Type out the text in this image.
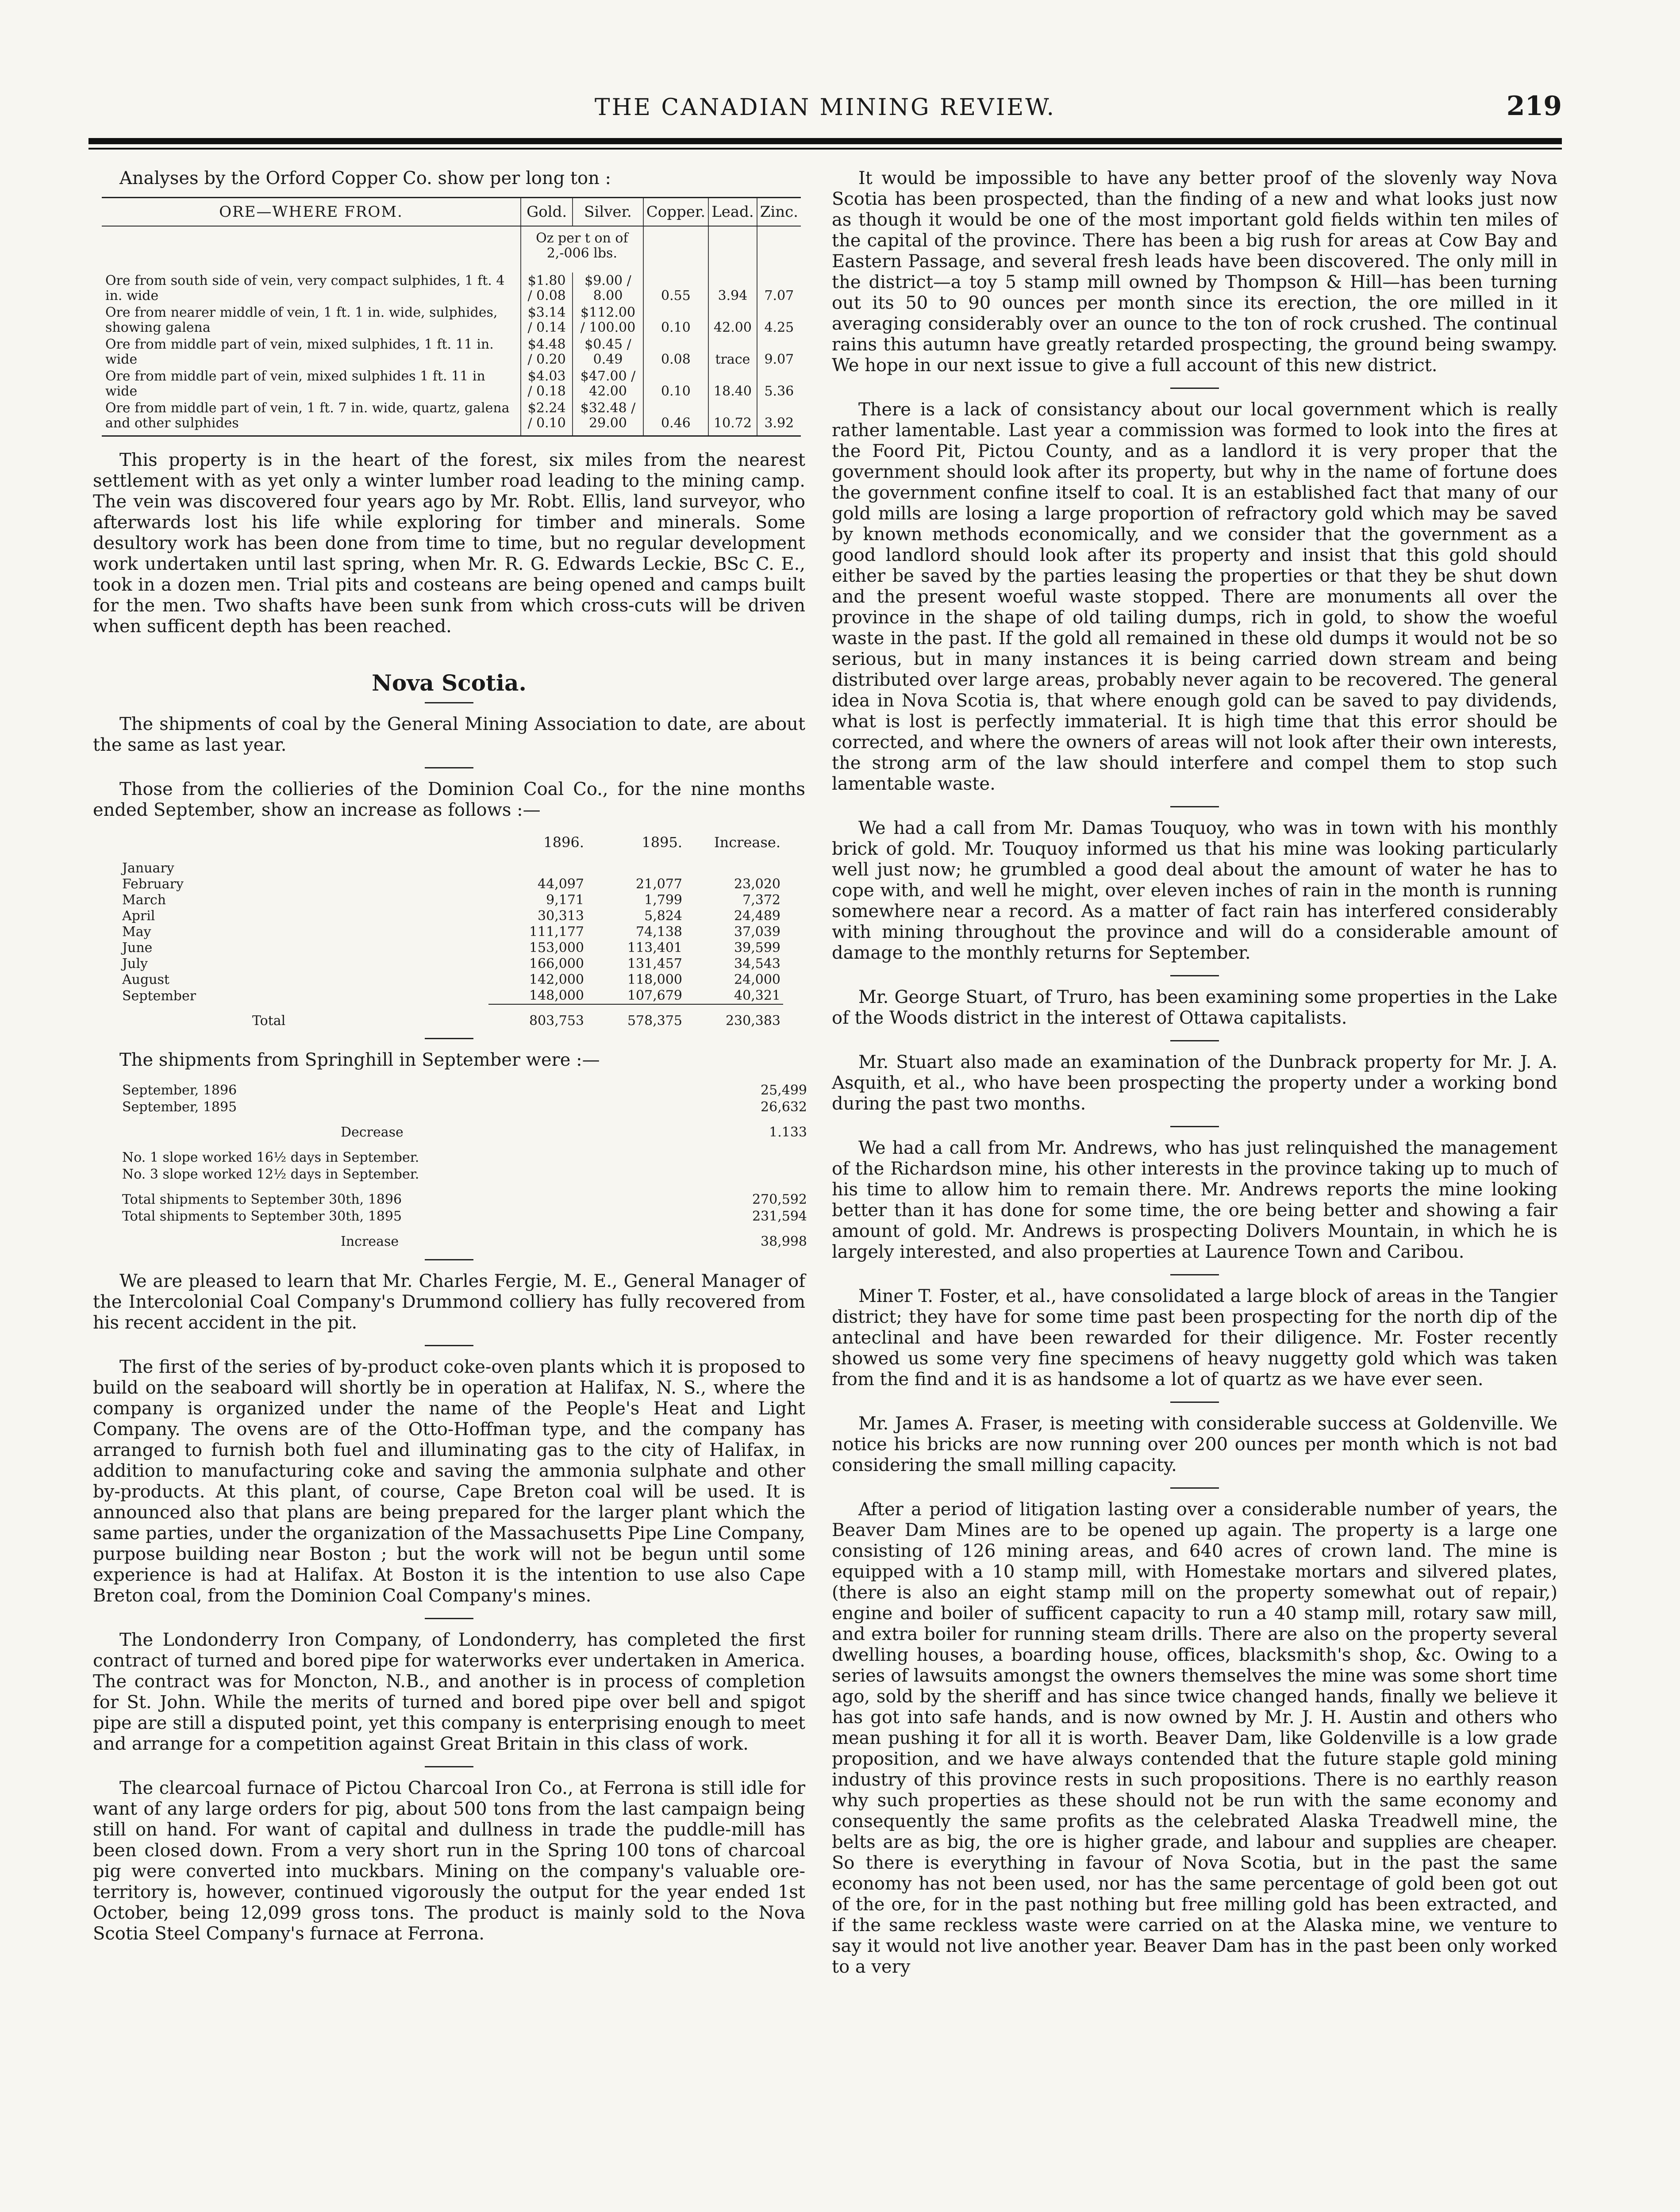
THE CANADIAN MINING REVIEW.	219
Analyses by the Orford Copper Co. show per long ton :
ORE—WHERE FROM.	Gold.	Silver.	Copper.	Lead.	Zinc.
	Oz per t on of 2,-006 lbs.				
Ore from south side of vein, very compact sulphides, 1 ft. 4 in. wide	$1.80 / 0.08	$9.00 / 8.00	0.55	3.94	7.07
Ore from nearer middle of vein, 1 ft. 1 in. wide, sulphides, showing galena	$3.14 / 0.14	$112.00 / 100.00	0.10	42.00	4.25
Ore from middle part of vein, mixed sulphides, 1 ft. 11 in. wide	$4.48 / 0.20	$0.45 / 0.49	0.08	trace	9.07
Ore from middle part of vein, mixed sulphides 1 ft. 11 in wide	$4.03 / 0.18	$47.00 / 42.00	0.10	18.40	5.36
Ore from middle part of vein, 1 ft. 7 in. wide, quartz, galena and other sulphides	$2.24 / 0.10	$32.48 / 29.00	0.46	10.72	3.92

This property is in the heart of the forest, six miles from the nearest settlement with as yet only a winter lumber road leading to the mining camp. The vein was discovered four years ago by Mr. Robt. Ellis, land surveyor, who afterwards lost his life while exploring for timber and minerals. Some desultory work has been done from time to time, but no regular development work undertaken until last spring, when Mr. R. G. Edwards Leckie, BSc C. E., took in a dozen men. Trial pits and costeans are being opened and camps built for the men. Two shafts have been sunk from which cross-cuts will be driven when sufficent depth has been reached.

Nova Scotia.

The shipments of coal by the General Mining Association to date, are about the same as last year.

Those from the collieries of the Dominion Coal Co., for the nine months ended September, show an increase as follows :—

	1896.	1895.	Increase.
January			
February	44,097	21,077	23,020
March	9,171	1,799	7,372
April	30,313	5,824	24,489
May	111,177	74,138	37,039
June	153,000	113,401	39,599
July	166,000	131,457	34,543
August	142,000	118,000	24,000
September	148,000	107,679	40,321
Total	803,753	578,375	230,383

The shipments from Springhill in September were :—

September, 1896	25,499
September, 1895	26,632
Decrease	1.133
No. 1 slope worked 16½ days in September.	
No. 3 slope worked 12½ days in September.	
Total shipments to September 30th, 1896	270,592
Total shipments to September 30th, 1895	231,594
Increase	38,998

We are pleased to learn that Mr. Charles Fergie, M. E., General Manager of the Intercolonial Coal Company's Drummond colliery has fully recovered from his recent accident in the pit.

The first of the series of by-product coke-oven plants which it is proposed to build on the seaboard will shortly be in operation at Halifax, N. S., where the company is organized under the name of the People's Heat and Light Company. The ovens are of the Otto-Hoffman type, and the company has arranged to furnish both fuel and illuminating gas to the city of Halifax, in addition to manufacturing coke and saving the ammonia sulphate and other by-products. At this plant, of course, Cape Breton coal will be used. It is announced also that plans are being prepared for the larger plant which the same parties, under the organization of the Massachusetts Pipe Line Company, purpose building near Boston ; but the work will not be begun until some experience is had at Halifax. At Boston it is the intention to use also Cape Breton coal, from the Dominion Coal Company's mines.

The Londonderry Iron Company, of Londonderry, has completed the first contract of turned and bored pipe for waterworks ever undertaken in America. The contract was for Moncton, N.B., and another is in process of completion for St. John. While the merits of turned and bored pipe over bell and spigot pipe are still a disputed point, yet this company is enterprising enough to meet and arrange for a competition against Great Britain in this class of work.

The clearcoal furnace of Pictou Charcoal Iron Co., at Ferrona is still idle for want of any large orders for pig, about 500 tons from the last campaign being still on hand. For want of capital and dullness in trade the puddle-mill has been closed down. From a very short run in the Spring 100 tons of charcoal pig were converted into muckbars. Mining on the company's valuable ore-territory is, however, continued vigorously the output for the year ended 1st October, being 12,099 gross tons. The product is mainly sold to the Nova Scotia Steel Company's furnace at Ferrona.

It would be impossible to have any better proof of the slovenly way Nova Scotia has been prospected, than the finding of a new and what looks just now as though it would be one of the most important gold fields within ten miles of the capital of the province. There has been a big rush for areas at Cow Bay and Eastern Passage, and several fresh leads have been discovered. The only mill in the district—a toy 5 stamp mill owned by Thompson & Hill—has been turning out its 50 to 90 ounces per month since its erection, the ore milled in it averaging considerably over an ounce to the ton of rock crushed. The continual rains this autumn have greatly retarded prospecting, the ground being swampy. We hope in our next issue to give a full account of this new district.

There is a lack of consistancy about our local government which is really rather lamentable. Last year a commission was formed to look into the fires at the Foord Pit, Pictou County, and as a landlord it is very proper that the government should look after its property, but why in the name of fortune does the government confine itself to coal. It is an established fact that many of our gold mills are losing a large proportion of refractory gold which may be saved by known methods economically, and we consider that the government as a good landlord should look after its property and insist that this gold should either be saved by the parties leasing the properties or that they be shut down and the present woeful waste stopped. There are monuments all over the province in the shape of old tailing dumps, rich in gold, to show the woeful waste in the past. If the gold all remained in these old dumps it would not be so serious, but in many instances it is being carried down stream and being distributed over large areas, probably never again to be recovered. The general idea in Nova Scotia is, that where enough gold can be saved to pay dividends, what is lost is perfectly immaterial. It is high time that this error should be corrected, and where the owners of areas will not look after their own interests, the strong arm of the law should interfere and compel them to stop such lamentable waste.

We had a call from Mr. Damas Touquoy, who was in town with his monthly brick of gold. Mr. Touquoy informed us that his mine was looking particularly well just now; he grumbled a good deal about the amount of water he has to cope with, and well he might, over eleven inches of rain in the month is running somewhere near a record. As a matter of fact rain has interfered considerably with mining throughout the province and will do a considerable amount of damage to the monthly returns for September.

Mr. George Stuart, of Truro, has been examining some properties in the Lake of the Woods district in the interest of Ottawa capitalists.

Mr. Stuart also made an examination of the Dunbrack property for Mr. J. A. Asquith, et al., who have been prospecting the property under a working bond during the past two months.

We had a call from Mr. Andrews, who has just relinquished the management of the Richardson mine, his other interests in the province taking up to much of his time to allow him to remain there. Mr. Andrews reports the mine looking better than it has done for some time, the ore being better and showing a fair amount of gold. Mr. Andrews is prospecting Dolivers Mountain, in which he is largely interested, and also properties at Laurence Town and Caribou.

Miner T. Foster, et al., have consolidated a large block of areas in the Tangier district; they have for some time past been prospecting for the north dip of the anteclinal and have been rewarded for their diligence. Mr. Foster recently showed us some very fine specimens of heavy nuggetty gold which was taken from the find and it is as handsome a lot of quartz as we have ever seen.

Mr. James A. Fraser, is meeting with considerable success at Goldenville. We notice his bricks are now running over 200 ounces per month which is not bad considering the small milling capacity.

After a period of litigation lasting over a considerable number of years, the Beaver Dam Mines are to be opened up again. The property is a large one consisting of 126 mining areas, and 640 acres of crown land. The mine is equipped with a 10 stamp mill, with Homestake mortars and silvered plates, (there is also an eight stamp mill on the property somewhat out of repair,) engine and boiler of sufficent capacity to run a 40 stamp mill, rotary saw mill, and extra boiler for running steam drills. There are also on the property several dwelling houses, a boarding house, offices, blacksmith's shop, &c. Owing to a series of lawsuits amongst the owners themselves the mine was some short time ago, sold by the sheriff and has since twice changed hands, finally we believe it has got into safe hands, and is now owned by Mr. J. H. Austin and others who mean pushing it for all it is worth. Beaver Dam, like Goldenville is a low grade proposition, and we have always contended that the future staple gold mining industry of this province rests in such propositions. There is no earthly reason why such properties as these should not be run with the same economy and consequently the same profits as the celebrated Alaska Treadwell mine, the belts are as big, the ore is higher grade, and labour and supplies are cheaper. So there is everything in favour of Nova Scotia, but in the past the same economy has not been used, nor has the same percentage of gold been got out of the ore, for in the past nothing but free milling gold has been extracted, and if the same reckless waste were carried on at the Alaska mine, we venture to say it would not live another year. Beaver Dam has in the past been only worked to a very
